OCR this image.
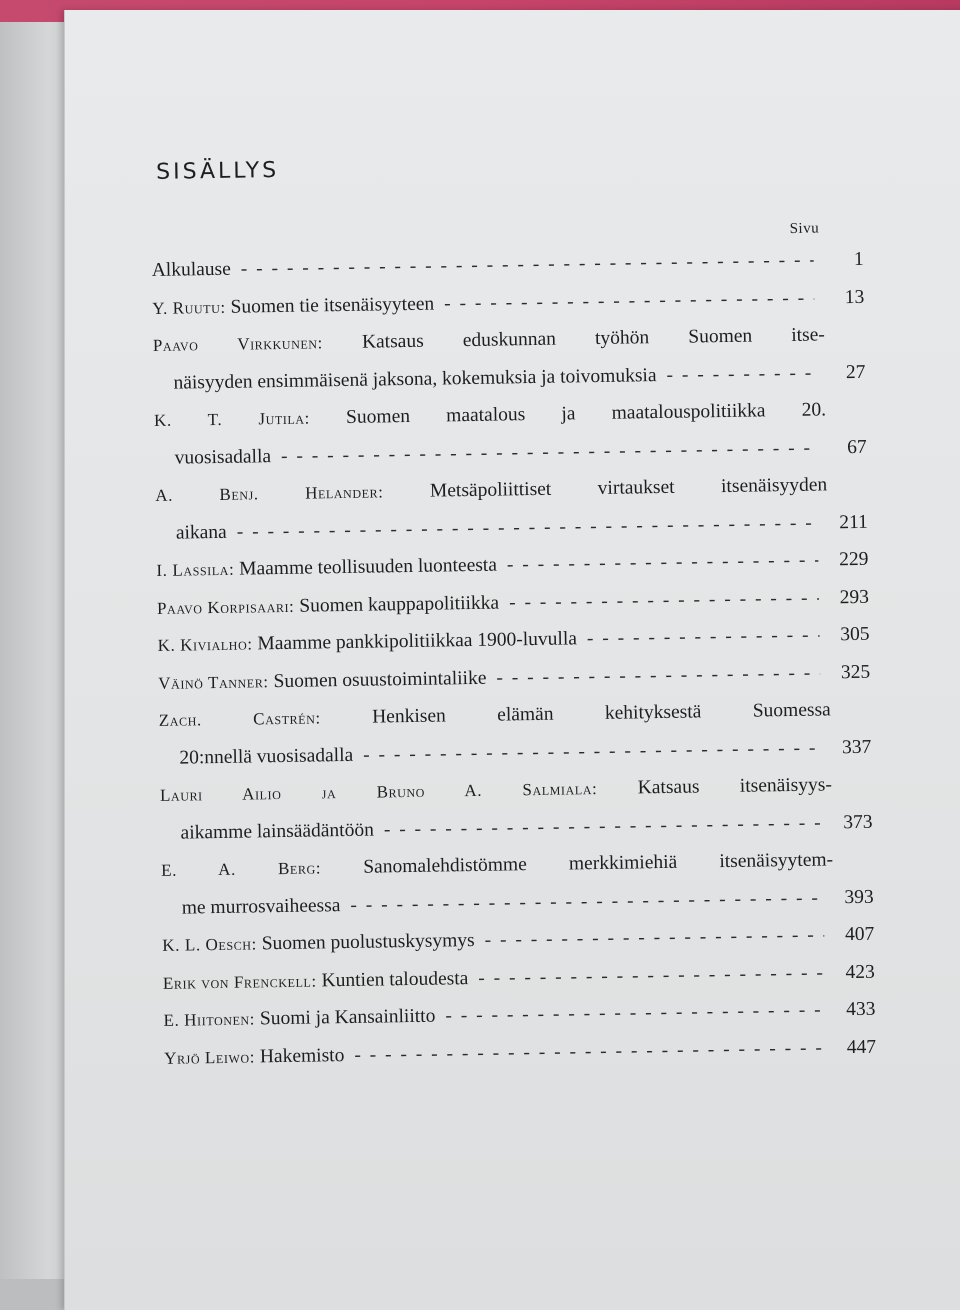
SISÄLLYS
Sivu
Alkulause - - -	1
Y. Ruutu: Suomen tie itsenäisyyteen - - -	13
Paavo Virkkunen: Katsaus eduskunnan työhön Suomen itse-
näisyyden ensimmäisenä jaksona, kokemuksia ja toivomuksia - - -	27
K. T. Jutila: Suomen maatalous ja maatalouspolitiikka 20.
vuosisadalla - - -	67
A. Benj. Helander: Metsäpoliittiset virtaukset itsenäisyyden
aikana - - -	211
I. Lassila: Maamme teollisuuden luonteesta - - -	229
Paavo Korpisaari: Suomen kauppapolitiikka - - -	293
K. Kivialho: Maamme pankkipolitiikkaa 1900-luvulla - - -	305
Väinö Tanner: Suomen osuustoimintaliike - - -	325
Zach. Castrén:	Henkisen elämän kehityksestä Suomessa
20:nnellä vuosisadalla - - -	337
Lauri Ailio ja Bruno A. Salmiala: Katsaus itsenäisyys-
aikamme lainsäädäntöön - - -	373
E. A. Berg: Sanomalehdistömme merkkimiehiä itsenäisyytem-
me murrosvaiheessa - - -	393
K. L. Oesch: Suomen puolustuskysymys - - -	407
Erik von Frenckell: Kuntien taloudesta - - -	423
E. Hiitonen: Suomi ja Kansainliitto - - -	433
Yrjö Leiwo: Hakemisto - - -	447
